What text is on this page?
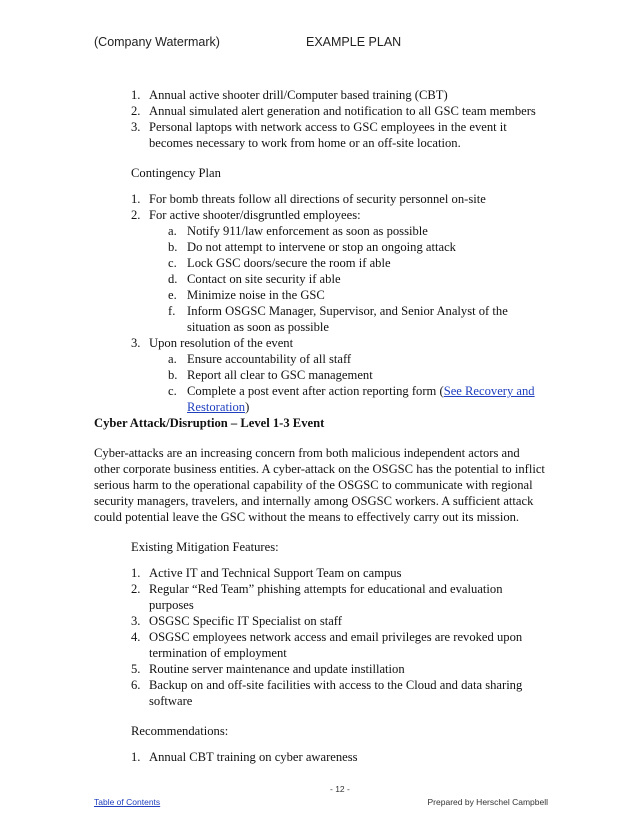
(Company Watermark)	EXAMPLE PLAN
1. Annual active shooter drill/Computer based training (CBT)
2. Annual simulated alert generation and notification to all GSC team members
3. Personal laptops with network access to GSC employees in the event it
becomes necessary to work from home or an off-site location.
Contingency Plan
1. For bomb threats follow all directions of security personnel on-site
2. For active shooter/disgruntled employees:
a. Notify 911/law enforcement as soon as possible
b. Do not attempt to intervene or stop an ongoing attack
c. Lock GSC doors/secure the room if able
d. Contact on site security if able
e. Minimize noise in the GSC
f. Inform OSGSC Manager, Supervisor, and Senior Analyst of the
situation as soon as possible
3. Upon resolution of the event
a. Ensure accountability of all staff
b. Report all clear to GSC management
c. Complete a post event after action reporting form (See Recovery and
Restoration)
Cyber Attack/Disruption – Level 1-3 Event
Cyber-attacks are an increasing concern from both malicious independent actors and
other corporate business entities. A cyber-attack on the OSGSC has the potential to inflict
serious harm to the operational capability of the OSGSC to communicate with regional
security managers, travelers, and internally among OSGSC workers. A sufficient attack
could potential leave the GSC without the means to effectively carry out its mission.
Existing Mitigation Features:
1. Active IT and Technical Support Team on campus
2. Regular “Red Team” phishing attempts for educational and evaluation
purposes
3. OSGSC Specific IT Specialist on staff
4. OSGSC employees network access and email privileges are revoked upon
termination of employment
5. Routine server maintenance and update instillation
6. Backup on and off-site facilities with access to the Cloud and data sharing
software
Recommendations:
1. Annual CBT training on cyber awareness
- 12 -
Table of Contents	Prepared by Herschel Campbell
